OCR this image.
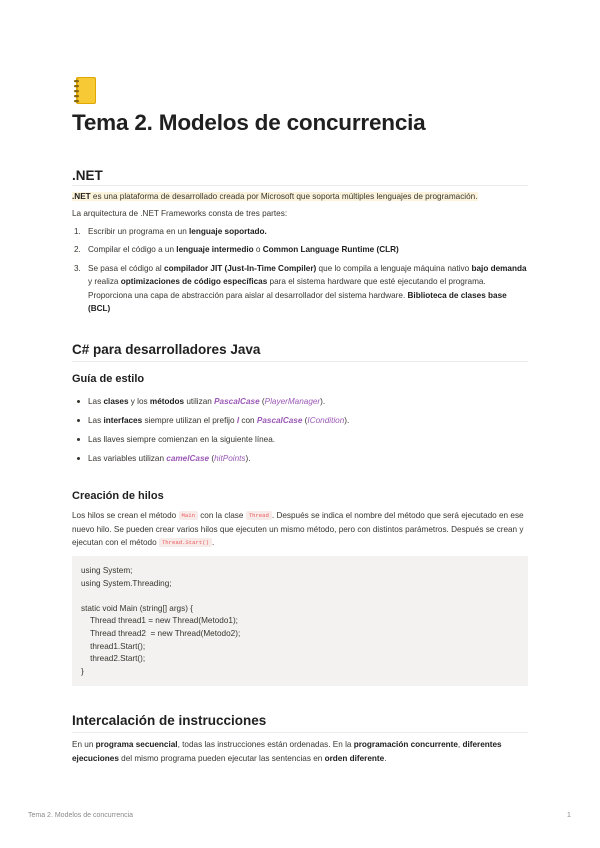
Tema 2. Modelos de concurrencia
.NET

.NET es una plataforma de desarrollado creada por Microsoft que soporta múltiples lenguajes de programación.

La arquitectura de .NET Frameworks consta de tres partes:

1. Escribir un programa en un lenguaje soportado.
2. Compilar el código a un lenguaje intermedio o Common Language Runtime (CLR)
3. Se pasa el código al compilador JIT (Just-In-Time Compiler) que lo compila a lenguaje máquina nativo bajo demanda y realiza optimizaciones de código específicas para el sistema hardware que esté ejecutando el programa. Proporciona una capa de abstracción para aislar al desarrollador del sistema hardware. Biblioteca de clases base (BCL)
C# para desarrolladores Java
Guía de estilo
Las clases y los métodos utilizan PascalCase (PlayerManager).
Las interfaces siempre utilizan el prefijo I con PascalCase (ICondition).
Las llaves siempre comienzan en la siguiente línea.
Las variables utilizan camelCase (hitPoints).
Creación de hilos

Los hilos se crean el método Main con la clase Thread . Después se indica el nombre del método que será ejecutado en ese nuevo hilo. Se pueden crear varios hilos que ejecuten un mismo método, pero con distintos parámetros. Después se crean y ejecutan con el método Thread.Start() .

using System;
using System.Threading;

static void Main (string[] args) {
Thread thread1 = new Thread(Metodo1);
Thread thread2  = new Thread(Metodo2);
thread1.Start();
thread2.Start();
}
Intercalación de instrucciones

En un programa secuencial, todas las instrucciones están ordenadas. En la programación concurrente, diferentes ejecuciones del mismo programa pueden ejecutar las sentencias en orden diferente.

Tema 2. Modelos de concurrencia	1
